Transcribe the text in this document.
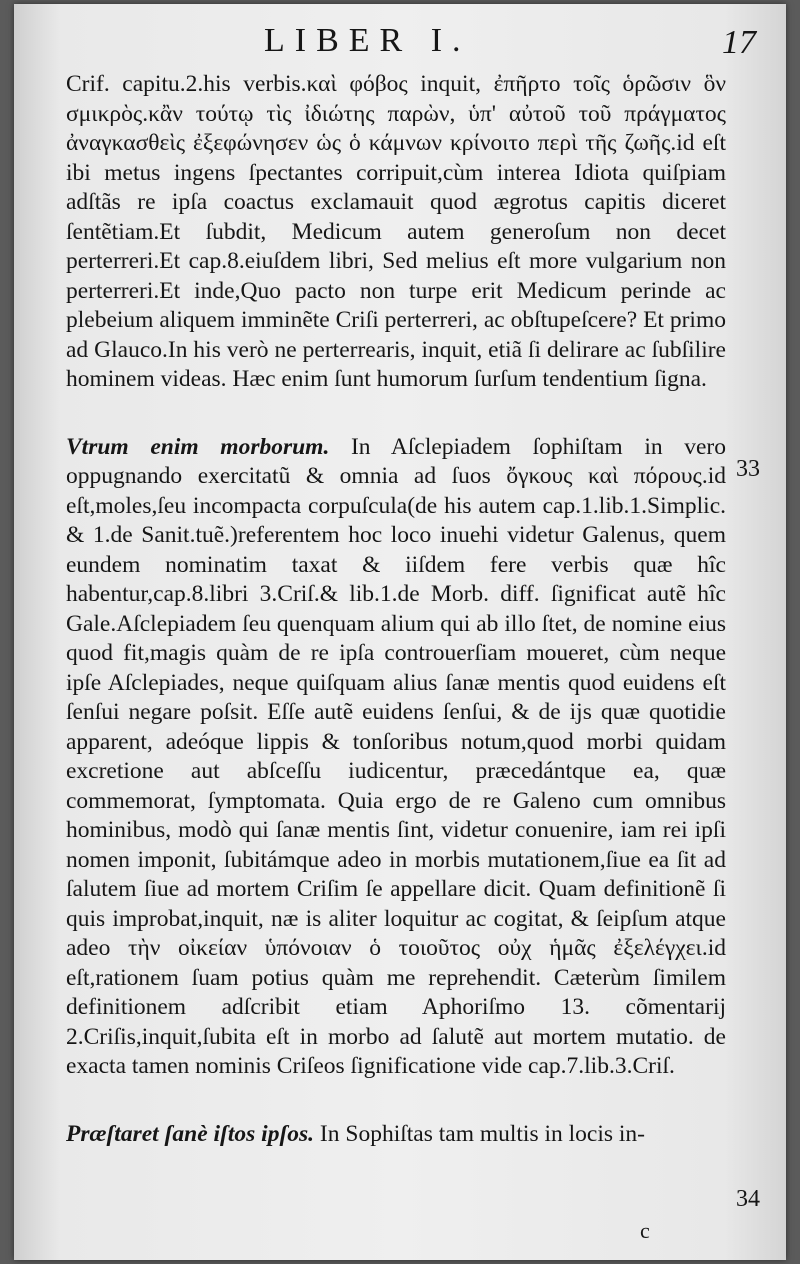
LIBER I.	17

Crif. capitu.2.his verbis.καὶ φόβος inquit, ἐπῆρτο τοῖς ὁρῶσιν ὃν σμικρὸς.κἂν τούτῳ τὶς ἰδιώτης παρὼν, ὑπ' αὐτοῦ τοῦ πράγματος ἀναγκασθεὶς ἐξεφώνησεν ὡς ὁ κάμνων κρίνοιτο περὶ τῆς ζωῆς.id eſt ibi metus ingens ſpectantes corripuit,cùm interea Idiota quiſpiam adſtãs re ipſa coactus exclamauit quod ægrotus capitis diceret ſentẽtiam.Et ſubdit, Medicum autem generoſum non decet perterreri.Et cap.8.eiuſdem libri, Sed melius eſt more vulgarium non perterreri.Et inde,Quo pacto non turpe erit Medicum perinde ac plebeium aliquem imminẽte Criſi perterreri, ac obſtupeſcere? Et primo ad Glauco.In his verò ne perterrearis, inquit, etiã ſi delirare ac ſubſilire hominem videas. Hæc enim ſunt humorum ſurſum tendentium ſigna.

Vtrum enim morborum. In Aſclepiadem ſophiſtam in vero oppugnando exercitatũ & omnia ad ſuos ὄγκους καὶ πόρους.id eſt,moles,ſeu incompacta corpuſcula(de his autem cap.1.lib.1.Simplic. & 1.de Sanit.tuẽ.)referentem hoc loco inuehi videtur Galenus, quem eundem nominatim taxat & iiſdem fere verbis quæ hîc habentur,cap.8.libri 3.Criſ.& lib.1.de Morb. diff. ſignificat autẽ hîc Gale.Aſclepiadem ſeu quenquam alium qui ab illo ſtet, de nomine eius quod fit,magis quàm de re ipſa controuerſiam moueret, cùm neque ipſe Aſclepiades, neque quiſquam alius ſanæ mentis quod euidens eſt ſenſui negare poſsit. Eſſe autẽ euidens ſenſui, & de ijs quæ quotidie apparent, adeóque lippis & tonſoribus notum,quod morbi quidam excretione aut abſceſſu iudicentur, præcedántque ea, quæ commemorat, ſymptomata. Quia ergo de re Galeno cum omnibus hominibus, modò qui ſanæ mentis ſint, videtur conuenire, iam rei ipſi nomen imponit, ſubitámque adeo in morbis mutationem,ſiue ea ſit ad ſalutem ſiue ad mortem Criſim ſe appellare dicit. Quam definitionẽ ſi quis improbat,inquit, næ is aliter loquitur ac cogitat, & ſeipſum atque adeo τὴν οἰκείαν ὑπόνοιαν ὁ τοιοῦτος οὐχ ἡμᾶς ἐξελέγχει.id eſt,rationem ſuam potius quàm me reprehendit. Cæterùm ſimilem definitionem adſcribit etiam Aphoriſmo 13. cõmentarij 2.Criſis,inquit,ſubita eſt in morbo ad ſalutẽ aut mortem mutatio. de exacta tamen nominis Criſeos ſignificatione vide cap.7.lib.3.Criſ.

Præſtaret ſanè iſtos ipſos. In Sophiſtas tam multis in locis in-

33
34
c
